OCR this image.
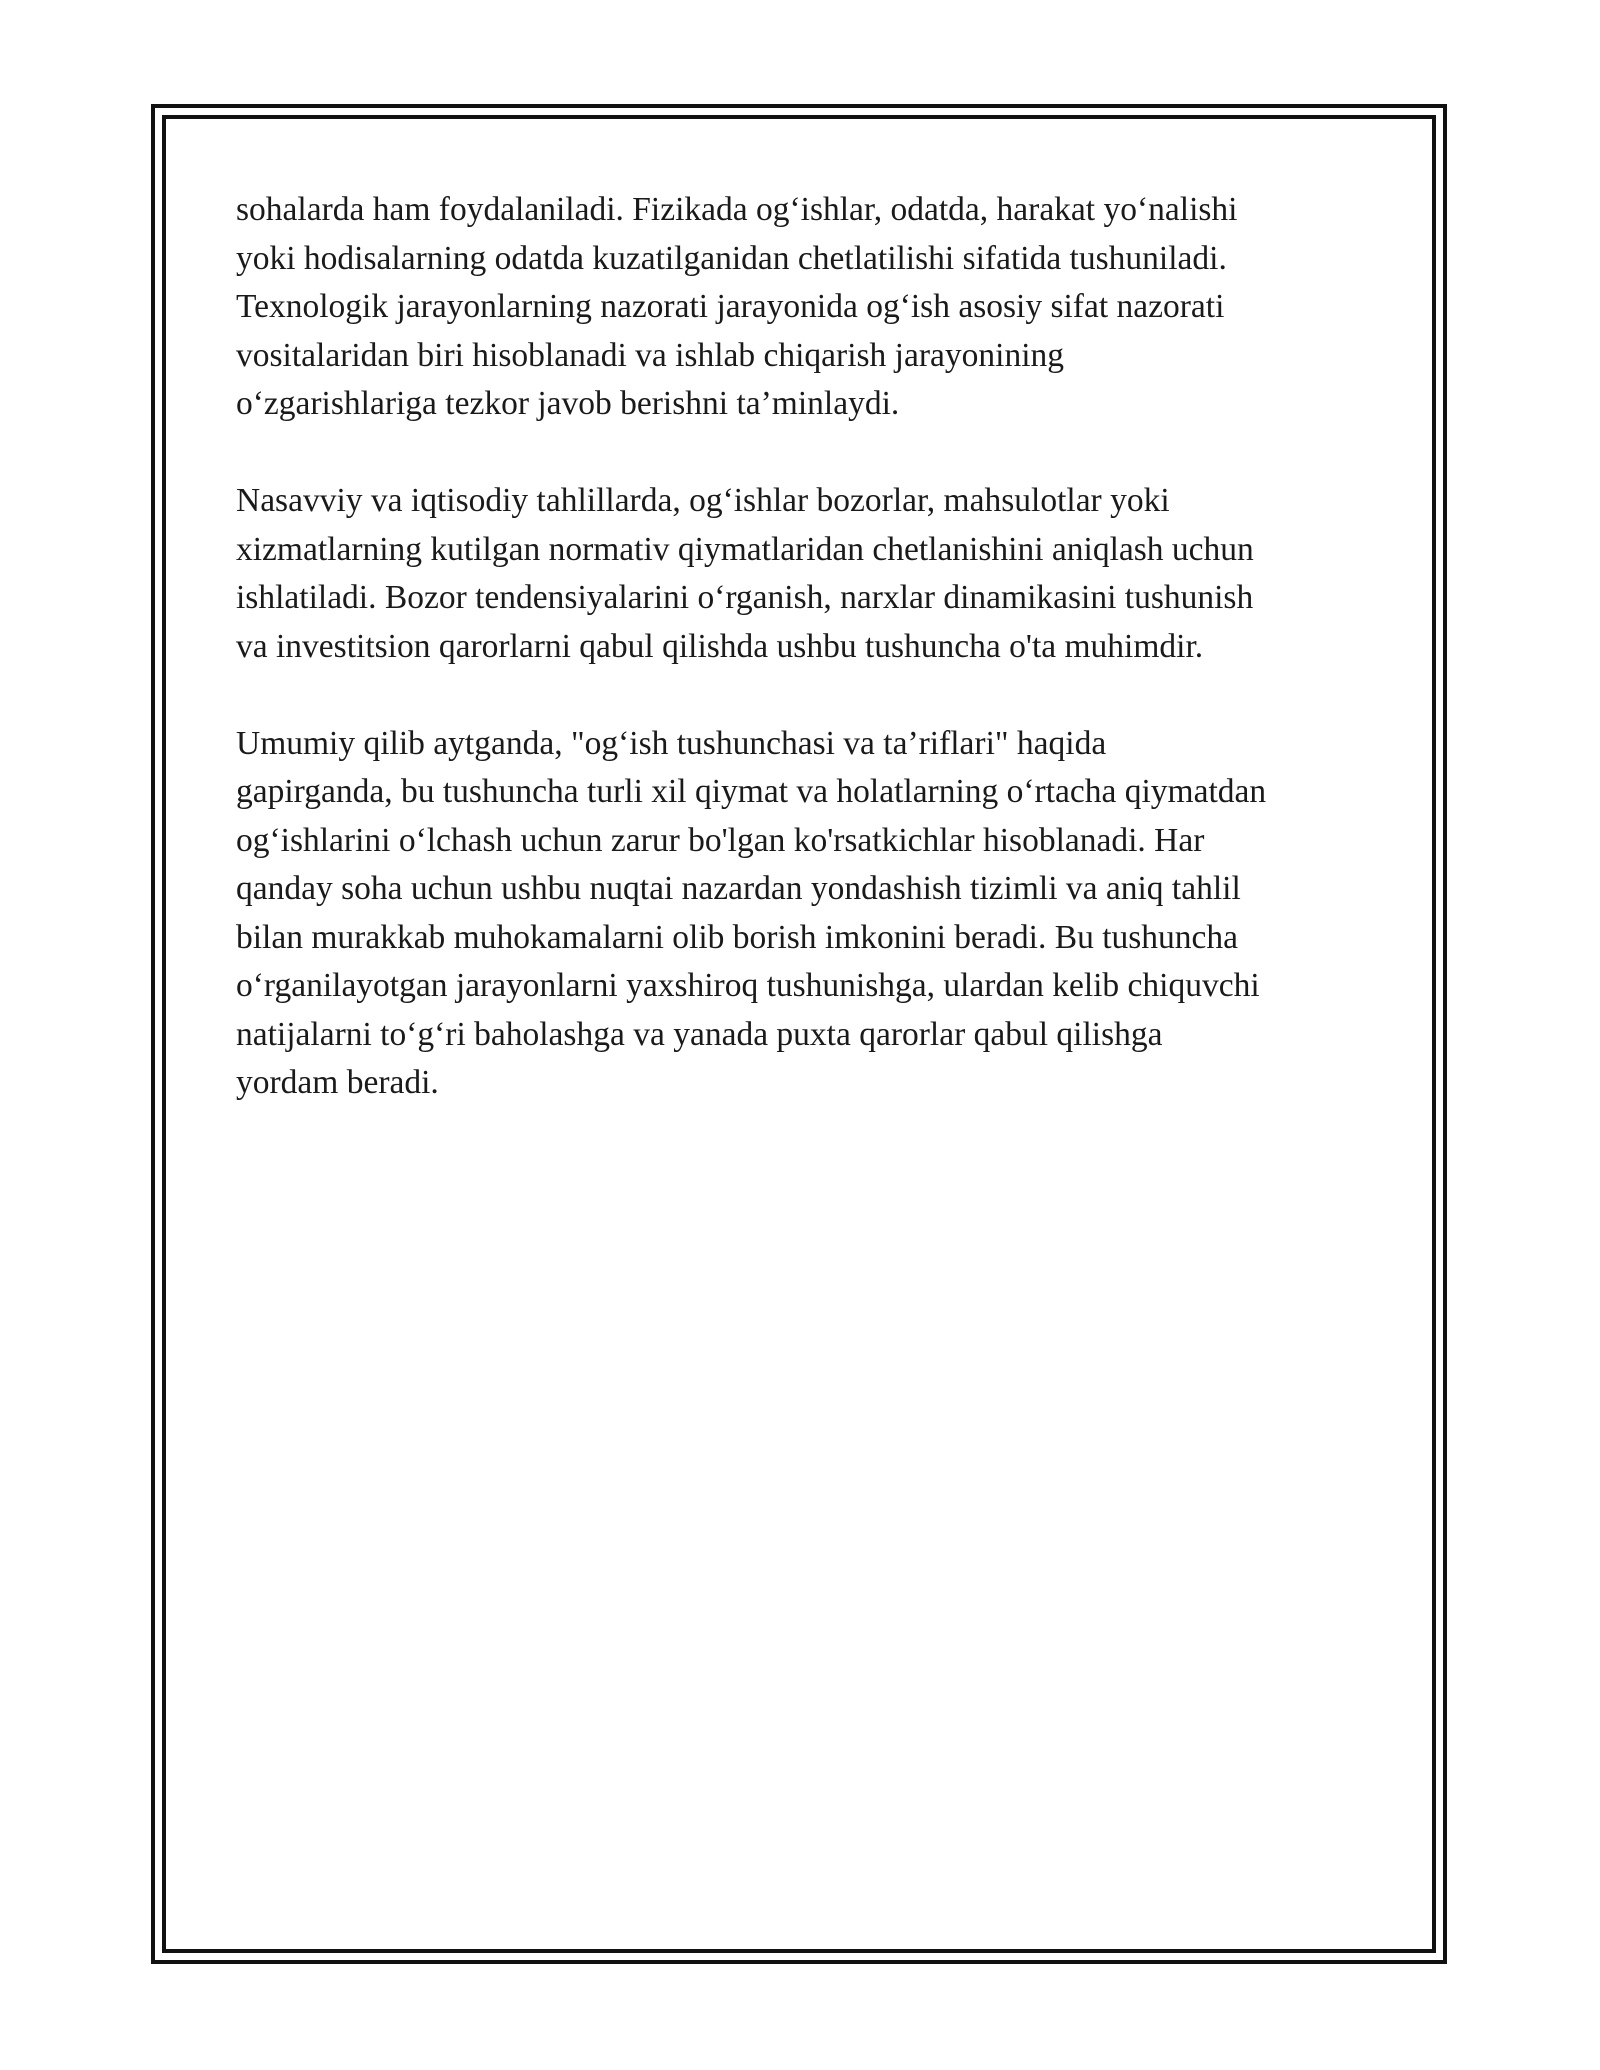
sohalarda ham foydalaniladi. Fizikada og‘ishlar, odatda, harakat yo‘nalishi
yoki hodisalarning odatda kuzatilganidan chetlatilishi sifatida tushuniladi.
Texnologik jarayonlarning nazorati jarayonida og‘ish asosiy sifat nazorati
vositalaridan biri hisoblanadi va ishlab chiqarish jarayonining
o‘zgarishlariga tezkor javob berishni ta’minlaydi.

Nasavviy va iqtisodiy tahlillarda, og‘ishlar bozorlar, mahsulotlar yoki
xizmatlarning kutilgan normativ qiymatlaridan chetlanishini aniqlash uchun
ishlatiladi. Bozor tendensiyalarini o‘rganish, narxlar dinamikasini tushunish
va investitsion qarorlarni qabul qilishda ushbu tushuncha o'ta muhimdir.

Umumiy qilib aytganda, "og‘ish tushunchasi va ta’riflari" haqida
gapirganda, bu tushuncha turli xil qiymat va holatlarning o‘rtacha qiymatdan
og‘ishlarini o‘lchash uchun zarur bo'lgan ko'rsatkichlar hisoblanadi. Har
qanday soha uchun ushbu nuqtai nazardan yondashish tizimli va aniq tahlil
bilan murakkab muhokamalarni olib borish imkonini beradi. Bu tushuncha
o‘rganilayotgan jarayonlarni yaxshiroq tushunishga, ulardan kelib chiquvchi
natijalarni to‘g‘ri baholashga va yanada puxta qarorlar qabul qilishga
yordam beradi.
